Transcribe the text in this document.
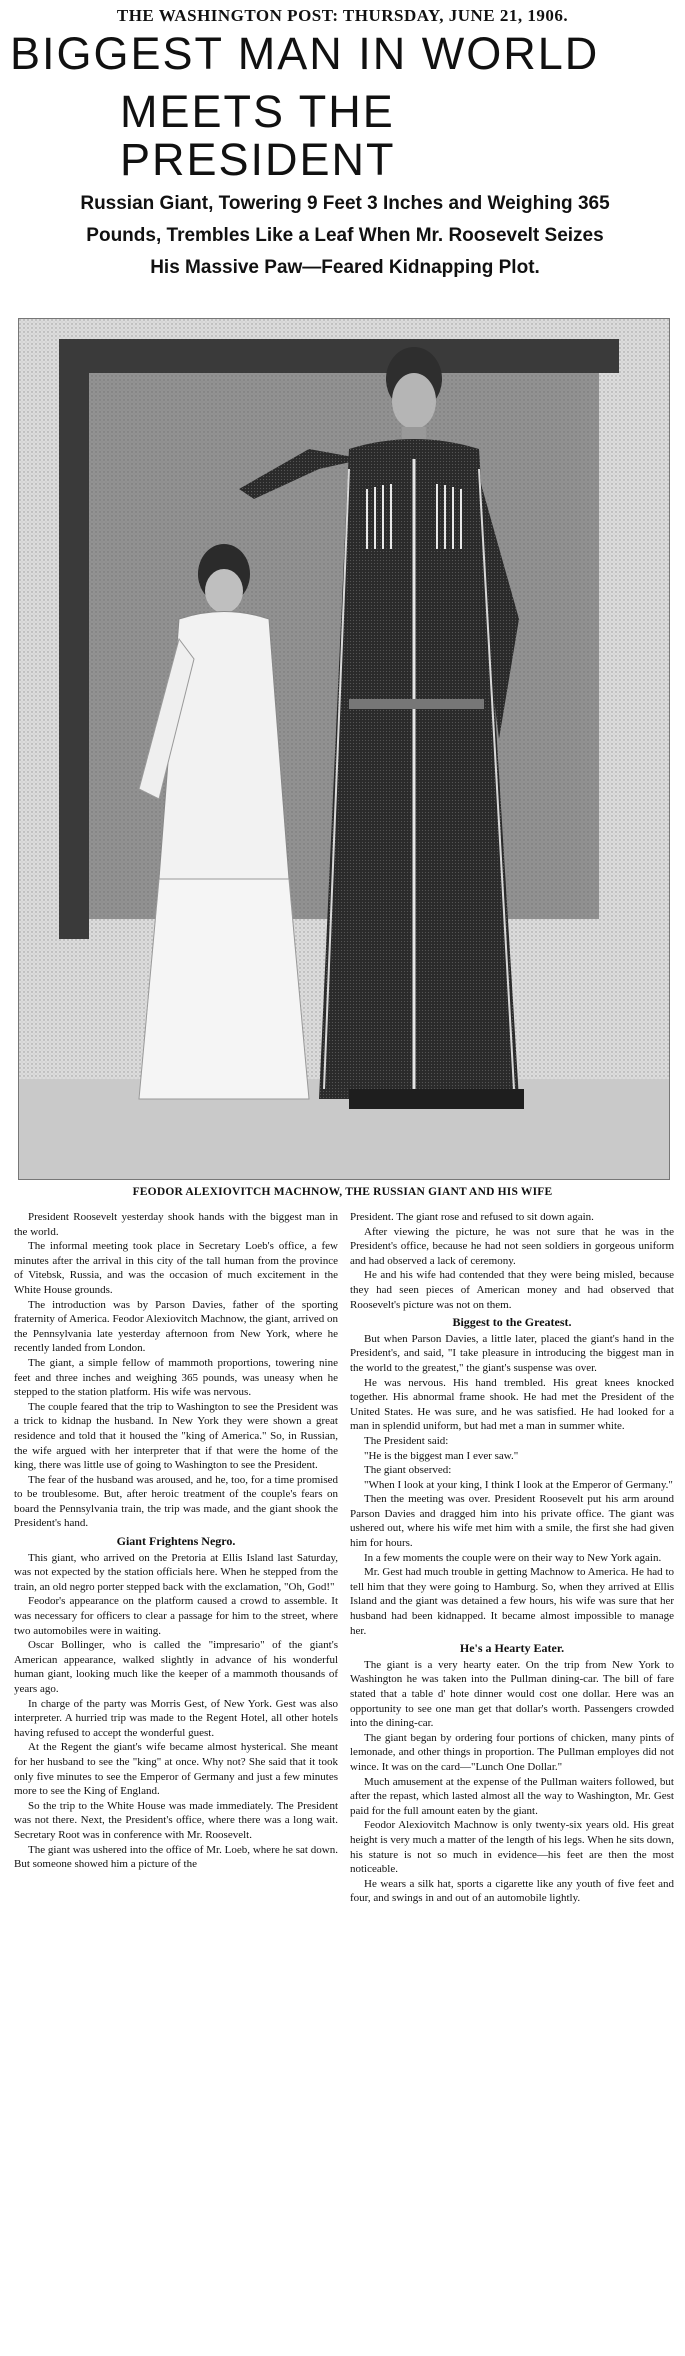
THE WASHINGTON POST: THURSDAY, JUNE 21, 1906.
BIGGEST MAN IN WORLD
MEETS THE PRESIDENT
Russian Giant, Towering 9 Feet 3 Inches and Weighing 365
Pounds, Trembles Like a Leaf When Mr. Roosevelt Seizes
His Massive Paw—Feared Kidnapping Plot.
FEODOR ALEXIOVITCH MACHNOW, THE RUSSIAN GIANT AND HIS WIFE

President Roosevelt yesterday shook hands with the biggest man in the world.

The informal meeting took place in Secretary Loeb's office, a few minutes after the arrival in this city of the tall human from the province of Vitebsk, Russia, and was the occasion of much excitement in the White House grounds.

The introduction was by Parson Davies, father of the sporting fraternity of America. Feodor Alexiovitch Machnow, the giant, arrived on the Pennsylvania late yesterday afternoon from New York, where he recently landed from London.

The giant, a simple fellow of mammoth proportions, towering nine feet and three inches and weighing 365 pounds, was uneasy when he stepped to the station platform. His wife was nervous.

The couple feared that the trip to Washington to see the President was a trick to kidnap the husband. In New York they were shown a great residence and told that it housed the "king of America." So, in Russian, the wife argued with her interpreter that if that were the home of the king, there was little use of going to Washington to see the President.

The fear of the husband was aroused, and he, too, for a time promised to be troublesome. But, after heroic treatment of the couple's fears on board the Pennsylvania train, the trip was made, and the giant shook the President's hand.

Giant Frightens Negro.

This giant, who arrived on the Pretoria at Ellis Island last Saturday, was not expected by the station officials here. When he stepped from the train, an old negro porter stepped back with the exclamation, "Oh, God!"

Feodor's appearance on the platform caused a crowd to assemble. It was necessary for officers to clear a passage for him to the street, where two automobiles were in waiting.

Oscar Bollinger, who is called the "impresario" of the giant's American appearance, walked slightly in advance of his wonderful human giant, looking much like the keeper of a mammoth thousands of years ago.

In charge of the party was Morris Gest, of New York. Gest was also interpreter. A hurried trip was made to the Regent Hotel, all other hotels having refused to accept the wonderful guest.

At the Regent the giant's wife became almost hysterical. She meant for her husband to see the "king" at once. Why not? She said that it took only five minutes to see the Emperor of Germany and just a few minutes more to see the King of England.

So the trip to the White House was made immediately. The President was not there. Next, the President's office, where there was a long wait. Secretary Root was in conference with Mr. Roosevelt.

The giant was ushered into the office of Mr. Loeb, where he sat down. But someone showed him a picture of the

President. The giant rose and refused to sit down again.

After viewing the picture, he was not sure that he was in the President's office, because he had not seen soldiers in gorgeous uniform and had observed a lack of ceremony.

He and his wife had contended that they were being misled, because they had seen pieces of American money and had observed that Roosevelt's picture was not on them.

Biggest to the Greatest.

But when Parson Davies, a little later, placed the giant's hand in the President's, and said, "I take pleasure in introducing the biggest man in the world to the greatest," the giant's suspense was over.

He was nervous. His hand trembled. His great knees knocked together. His abnormal frame shook. He had met the President of the United States. He was sure, and he was satisfied. He had looked for a man in splendid uniform, but had met a man in summer white.

The President said:

"He is the biggest man I ever saw."

The giant observed:

"When I look at your king, I think I look at the Emperor of Germany."

Then the meeting was over. President Roosevelt put his arm around Parson Davies and dragged him into his private office. The giant was ushered out, where his wife met him with a smile, the first she had given him for hours.

In a few moments the couple were on their way to New York again.

Mr. Gest had much trouble in getting Machnow to America. He had to tell him that they were going to Hamburg. So, when they arrived at Ellis Island and the giant was detained a few hours, his wife was sure that her husband had been kidnapped. It became almost impossible to manage her.

He's a Hearty Eater.

The giant is a very hearty eater. On the trip from New York to Washington he was taken into the Pullman dining-car. The bill of fare stated that a table d' hote dinner would cost one dollar. Here was an opportunity to see one man get that dollar's worth. Passengers crowded into the dining-car.

The giant began by ordering four portions of chicken, many pints of lemonade, and other things in proportion. The Pullman employes did not wince. It was on the card—"Lunch One Dollar."

Much amusement at the expense of the Pullman waiters followed, but after the repast, which lasted almost all the way to Washington, Mr. Gest paid for the full amount eaten by the giant.

Feodor Alexiovitch Machnow is only twenty-six years old. His great height is very much a matter of the length of his legs. When he sits down, his stature is not so much in evidence—his feet are then the most noticeable.

He wears a silk hat, sports a cigarette like any youth of five feet and four, and swings in and out of an automobile lightly.
